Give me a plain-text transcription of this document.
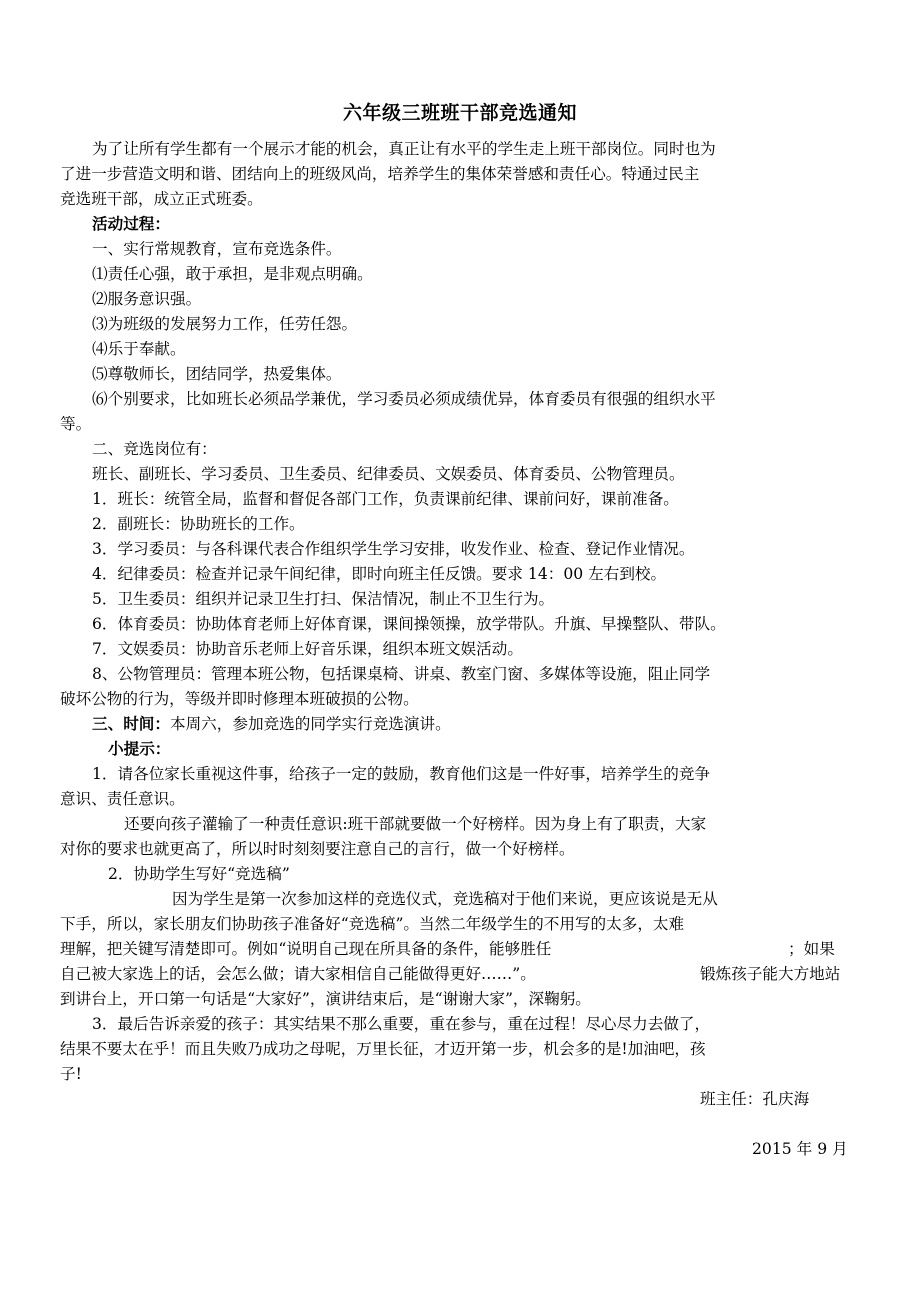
六年级三班班干部竞选通知
为了让所有学生都有一个展示才能的机会，真正让有水平的学生走上班干部岗位。同时也为
了进一步营造文明和谐、团结向上的班级风尚，培养学生的集体荣誉感和责任心。特通过民主
竞选班干部，成立正式班委。
活动过程：
一、实行常规教育，宣布竞选条件。
⑴责任心强，敢于承担，是非观点明确。
⑵服务意识强。
⑶为班级的发展努力工作，任劳任怨。
⑷乐于奉献。
⑸尊敬师长，团结同学，热爱集体。
⑹个别要求，比如班长必须品学兼优，学习委员必须成绩优异，体育委员有很强的组织水平
等。
二、竞选岗位有：
班长、副班长、学习委员、卫生委员、纪律委员、文娱委员、体育委员、公物管理员。
1．班长：统管全局，监督和督促各部门工作，负责课前纪律、课前问好，课前准备。
2．副班长：协助班长的工作。
3．学习委员：与各科课代表合作组织学生学习安排，收发作业、检查、登记作业情况。
4．纪律委员：检查并记录午间纪律，即时向班主任反馈。要求 14：00 左右到校。
5．卫生委员：组织并记录卫生打扫、保洁情况，制止不卫生行为。
6．体育委员：协助体育老师上好体育课，课间操领操，放学带队。升旗、早操整队、带队。
7．文娱委员：协助音乐老师上好音乐课，组织本班文娱活动。
8、公物管理员：管理本班公物，包括课桌椅、讲桌、教室门窗、多媒体等设施，阻止同学
破坏公物的行为，等级并即时修理本班破损的公物。
三、时间：本周六，参加竞选的同学实行竞选演讲。
小提示：
1．请各位家长重视这件事，给孩子一定的鼓励，教育他们这是一件好事，培养学生的竞争
意识、责任意识。
还要向孩子灌输了一种责任意识:班干部就要做一个好榜样。因为身上有了职责，大家
对你的要求也就更高了，所以时时刻刻要注意自己的言行，做一个好榜样。
2．协助学生写好“竞选稿”
因为学生是第一次参加这样的竞选仪式，竞选稿对于他们来说，更应该说是无从
下手，所以，家长朋友们协助孩子准备好“竞选稿”。当然二年级学生的不用写的太多，太难
理解，把关键写清楚即可。例如“说明自己现在所具备的条件，能够胜任	；如果
自己被大家选上的话，会怎么做；请大家相信自己能做得更好……”。	锻炼孩子能大方地站
到讲台上，开口第一句话是“大家好”，演讲结束后，是“谢谢大家”，深鞠躬。
3．最后告诉亲爱的孩子：其实结果不那么重要，重在参与，重在过程！尽心尽力去做了，
结果不要太在乎！而且失败乃成功之母呢，万里长征，才迈开第一步，机会多的是!加油吧，孩
子!
班主任：孔庆海
2015 年 9 月
